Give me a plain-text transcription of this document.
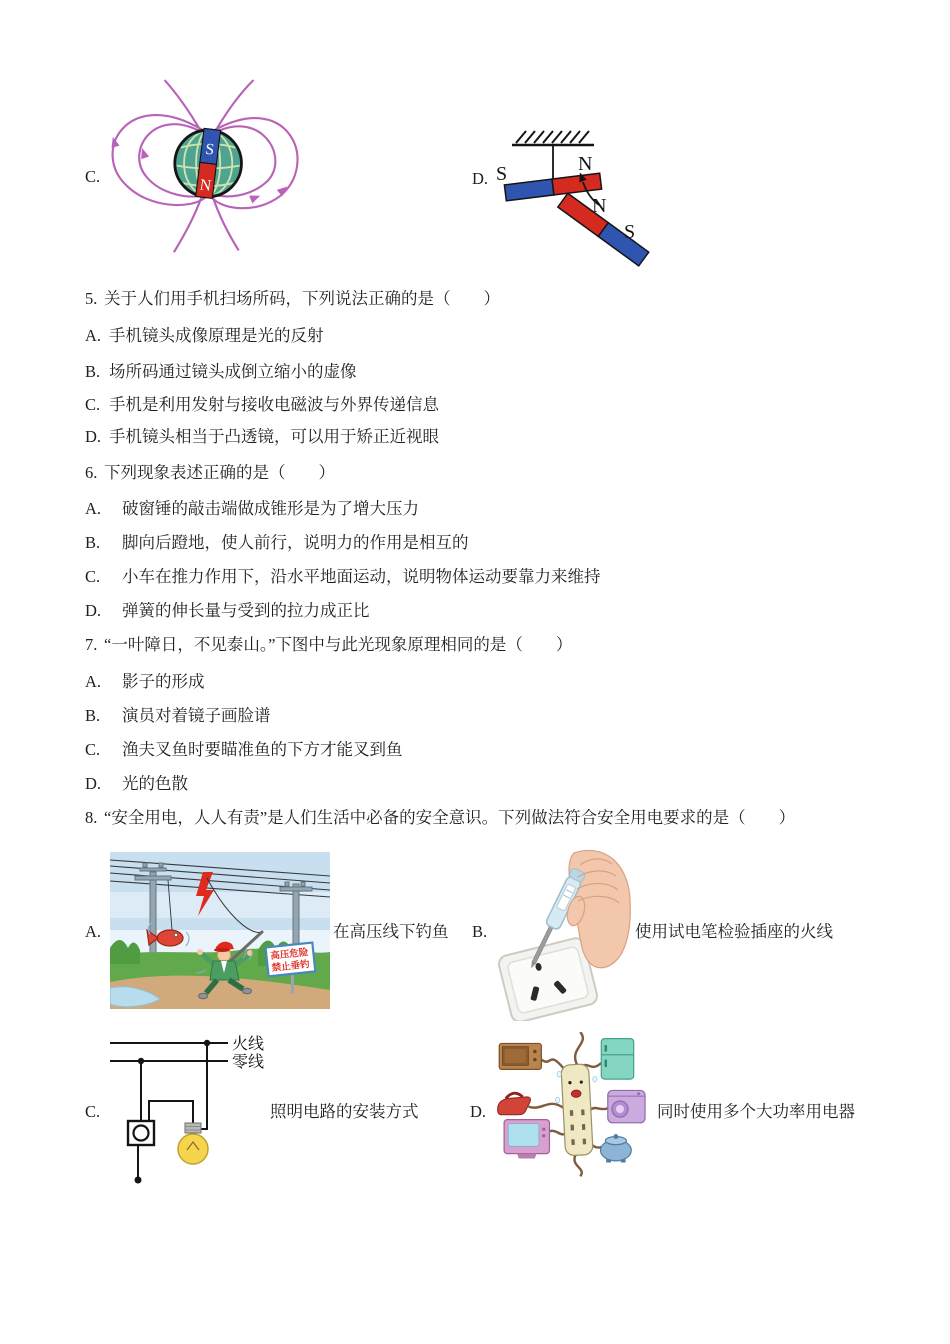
C.
S
N	D. S	N
N
S
5. 关于人们用手机扫场所码，下列说法正确的是（　　）
A. 手机镜头成像原理是光的反射
B. 场所码通过镜头成倒立缩小的虚像
C. 手机是利用发射与接收电磁波与外界传递信息
D. 手机镜头相当于凸透镜，可以用于矫正近视眼
6. 下列现象表述正确的是（　　）
A. 破窗锤的敲击端做成锥形是为了增大压力
B. 脚向后蹬地，使人前行，说明力的作用是相互的
C. 小车在推力作用下，沿水平地面运动，说明物体运动要靠力来维持
D. 弹簧的伸长量与受到的拉力成正比
7. “一叶障日，不见泰山。”下图中与此光现象原理相同的是（　　）
A. 影子的形成
B. 演员对着镜子画脸谱
C. 渔夫叉鱼时要瞄准鱼的下方才能叉到鱼
D. 光的色散
8. “安全用电，人人有责”是人们生活中必备的安全意识。下列做法符合安全用电要求的是（　　）
A.
高压危险
禁止垂钓
在高压线下钓鱼 B.	使用试电笔检验插座的火线
C.
火线
零线
照明电路的安装方式	D.	同时使用多个大功率用电器
